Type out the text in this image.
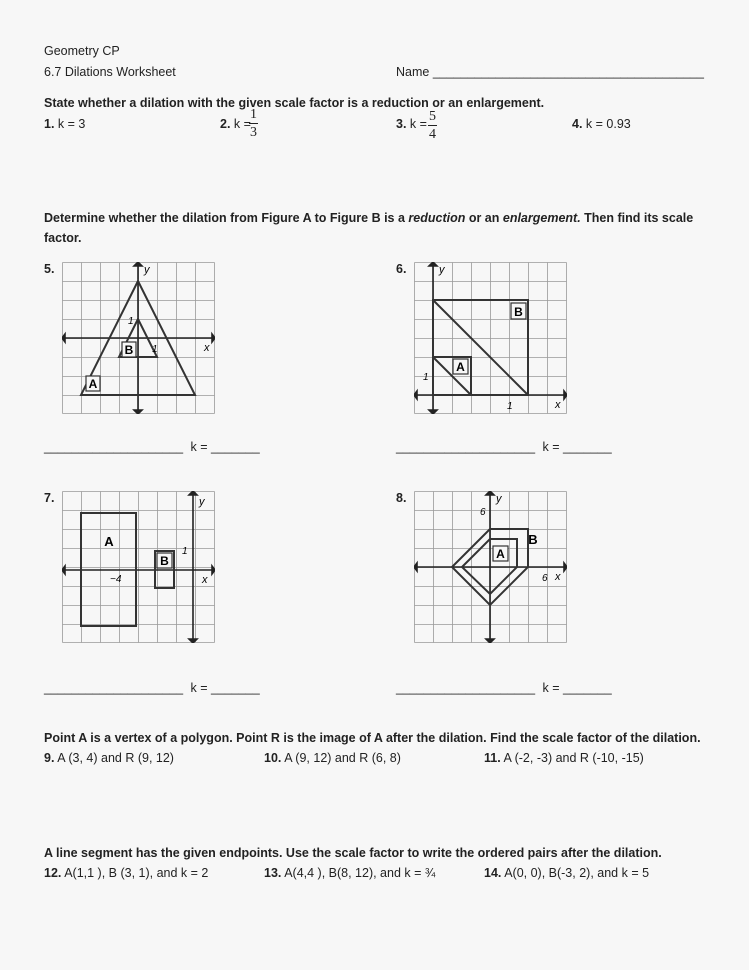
Geometry CP
6.7 Dilations Worksheet	Name _______________________________________
State whether a dilation with the given scale factor is a reduction or an enlargement.
1. k = 3	2. k =
$\frac{1}{3}$	3. $k = \frac{5}{4}$	4. k = 0.93
Determine whether the dilation from Figure A to Figure B is a reduction or an enlargement. Then find its scale
factor.
5.
A
B
y
x
1
1
6.
B
A
y
x
1
1
____________________ k = _______	____________________ k = _______
7.
A
B
y
x
1
−4
8.
B
A
y
x
6
6
____________________ k = _______	____________________ k = _______
Point A is a vertex of a polygon. Point R is the image of A after the dilation. Find the scale factor of the dilation.
9. A (3, 4) and R (9, 12)	10. A (9, 12) and R (6, 8)	11. A (-2, -3) and R (-10, -15)
A line segment has the given endpoints. Use the scale factor to write the ordered pairs after the dilation.
12. A(1,1 ), B (3, 1), and k = 2	13. A(4,4 ), B(8, 12), and k = ¾	14. A(0, 0), B(-3, 2), and k = 5
